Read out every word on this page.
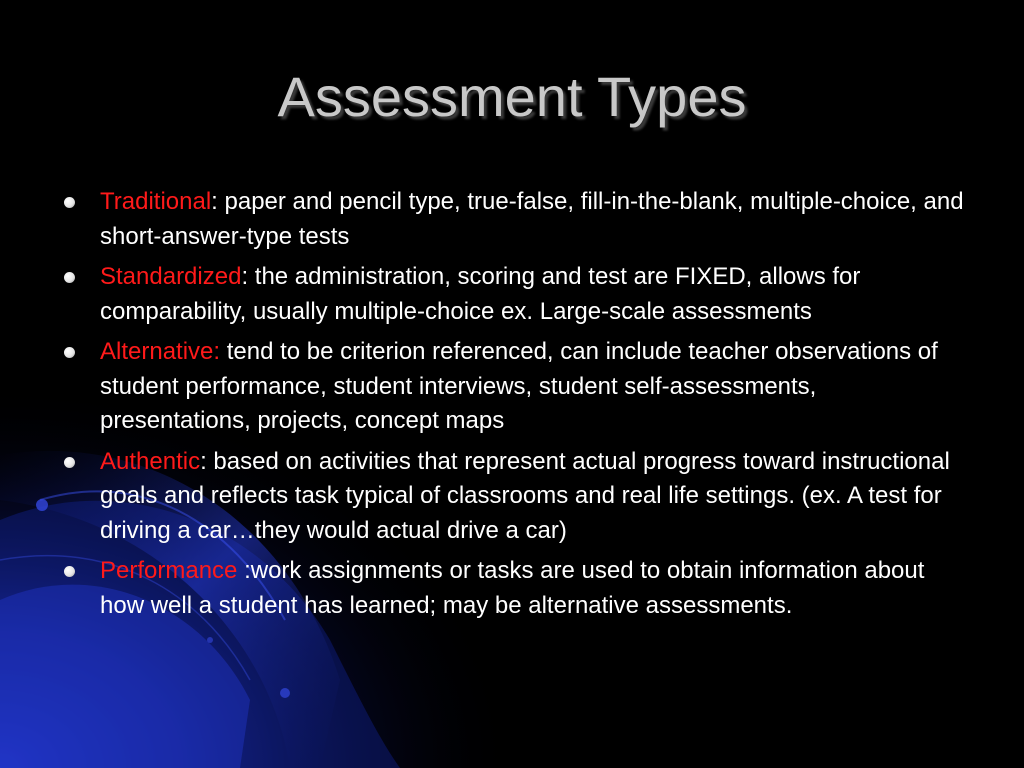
Assessment Types
Traditional: paper and pencil type, true-false, fill-in-the-blank, multiple-choice, and short-answer-type tests
Standardized: the administration, scoring and test are FIXED, allows for comparability, usually multiple-choice ex. Large-scale assessments
Alternative: tend to be criterion referenced, can include teacher observations of student performance, student interviews, student self-assessments, presentations, projects, concept maps
Authentic: based on activities that represent actual progress toward instructional goals and reflects task typical of classrooms and real life settings. (ex. A test for driving a car…they would actual drive a car)
Performance :work assignments or tasks are used to obtain information about how well a student has learned; may be alternative assessments.
